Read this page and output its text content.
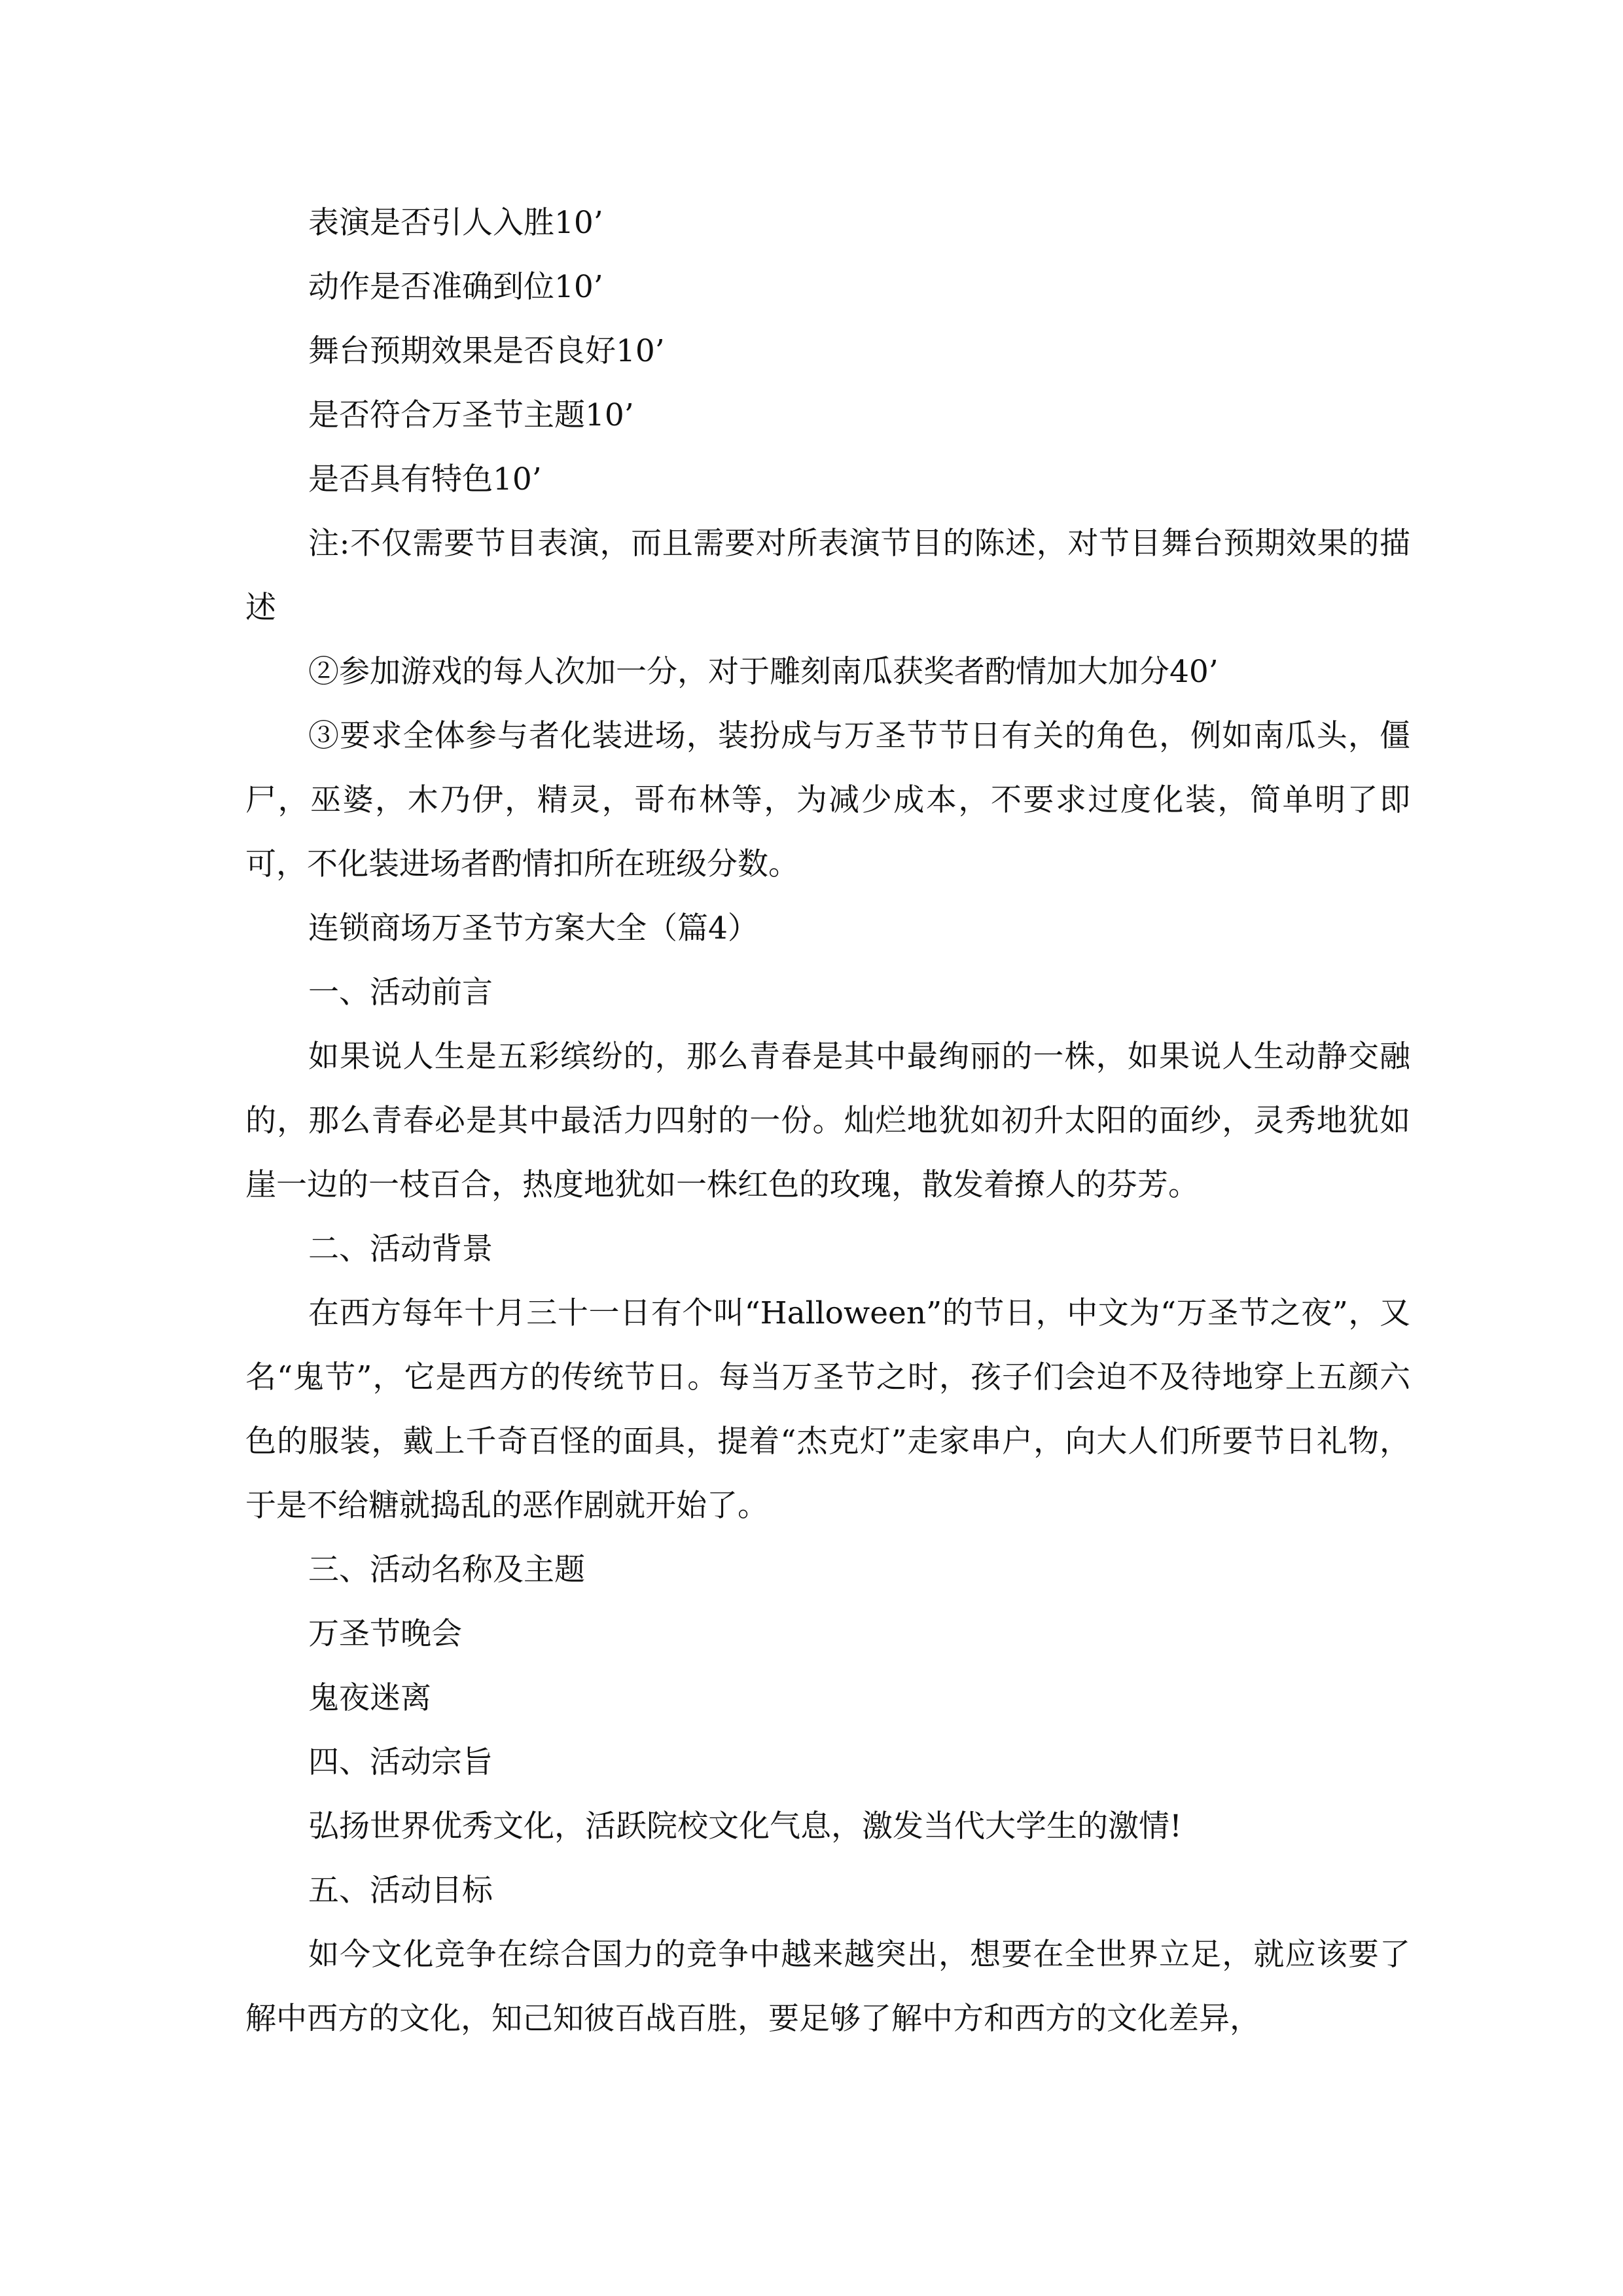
表演是否引人入胜10’

动作是否准确到位10’

舞台预期效果是否良好10’

是否符合万圣节主题10’

是否具有特色10’

注:不仅需要节目表演，而且需要对所表演节目的陈述，对节目舞台预期效果的描述

②参加游戏的每人次加一分，对于雕刻南瓜获奖者酌情加大加分40’

③要求全体参与者化装进场，装扮成与万圣节节日有关的角色，例如南瓜头，僵尸，巫婆，木乃伊，精灵，哥布林等，为减少成本，不要求过度化装，简单明了即可，不化装进场者酌情扣所在班级分数。

连锁商场万圣节方案大全（篇4）

一、活动前言

如果说人生是五彩缤纷的，那么青春是其中最绚丽的一株，如果说人生动静交融的，那么青春必是其中最活力四射的一份。灿烂地犹如初升太阳的面纱，灵秀地犹如崖一边的一枝百合，热度地犹如一株红色的玫瑰，散发着撩人的芬芳。

二、活动背景

在西方每年十月三十一日有个叫“Halloween”的节日，中文为“万圣节之夜”，又名“鬼节”，它是西方的传统节日。每当万圣节之时，孩子们会迫不及待地穿上五颜六色的服装，戴上千奇百怪的面具，提着“杰克灯”走家串户，向大人们所要节日礼物，于是不给糖就捣乱的恶作剧就开始了。

三、活动名称及主题

万圣节晚会

鬼夜迷离

四、活动宗旨

弘扬世界优秀文化，活跃院校文化气息，激发当代大学生的激情!

五、活动目标

如今文化竞争在综合国力的竞争中越来越突出，想要在全世界立足，就应该要了解中西方的文化，知己知彼百战百胜，要足够了解中方和西方的文化差异，
